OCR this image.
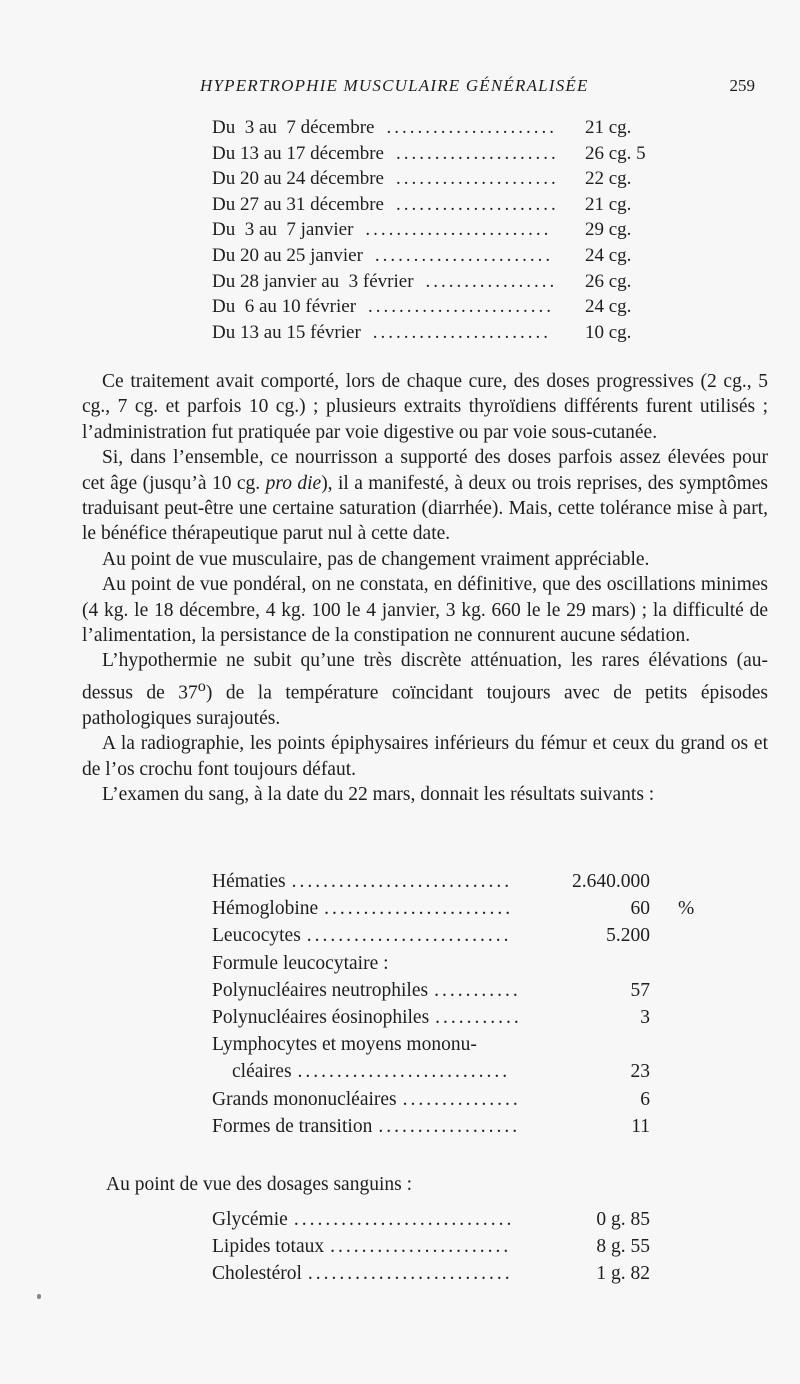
HYPERTROPHIE MUSCULAIRE GÉNÉRALISÉE	259
Du  3 au  7 décembre	21 cg.
......................
Du 13 au 17 décembre	26 cg. 5
.....................
Du 20 au 24 décembre	22 cg.
.....................
Du 27 au 31 décembre	21 cg.
.....................
Du  3 au  7 janvier	29 cg.
........................
Du 20 au 25 janvier	24 cg.
.......................
Du 28 janvier au  3 février	26 cg.
.................
Du  6 au 10 février	24 cg.
........................
Du 13 au 15 février	10 cg.
.......................

Ce traitement avait comporté, lors de chaque cure, des doses progressives (2 cg., 5 cg., 7 cg. et parfois 10 cg.) ; plusieurs extraits thyroïdiens différents furent utilisés ; l’administration fut pratiquée par voie digestive ou par voie sous-cutanée.

Si, dans l’ensemble, ce nourrisson a supporté des doses parfois assez élevées pour cet âge (jusqu’à 10 cg. pro die), il a manifesté, à deux ou trois reprises, des symptômes traduisant peut-être une certaine saturation (diarrhée). Mais, cette tolérance mise à part, le bénéfice thérapeutique parut nul à cette date.

Au point de vue musculaire, pas de changement vraiment appréciable.

Au point de vue pondéral, on ne constata, en définitive, que des oscillations minimes (4 kg. le 18 décembre, 4 kg. 100 le 4 janvier, 3 kg. 660 le le 29 mars) ; la difficulté de l’alimentation, la persistance de la constipation ne connurent aucune sédation.

L’hypothermie ne subit qu’une très discrète atténuation, les rares élévations (au-dessus de 37$^o$) de la température coïncidant toujours avec de petits épisodes pathologiques surajoutés.

A la radiographie, les points épiphysaires inférieurs du fémur et ceux du grand os et de l’os crochu font toujours défaut.

L’examen du sang, à la date du 22 mars, donnait les résultats suivants :

Hématies	2.640.000
............................
Hémoglobine	60 %
........................
Leucocytes	5.200
..........................
Formule leucocytaire :
Polynucléaires neutrophiles	57
...........
Polynucléaires éosinophiles	3
...........
Lymphocytes et moyens mononu-
cléaires	23
...........................
Grands mononucléaires	6
...............
Formes de transition	11
..................
Au point de vue des dosages sanguins :
Glycémie	0 g. 85
............................
Lipides totaux	8 g. 55
.......................
Cholestérol	1 g. 82
..........................
